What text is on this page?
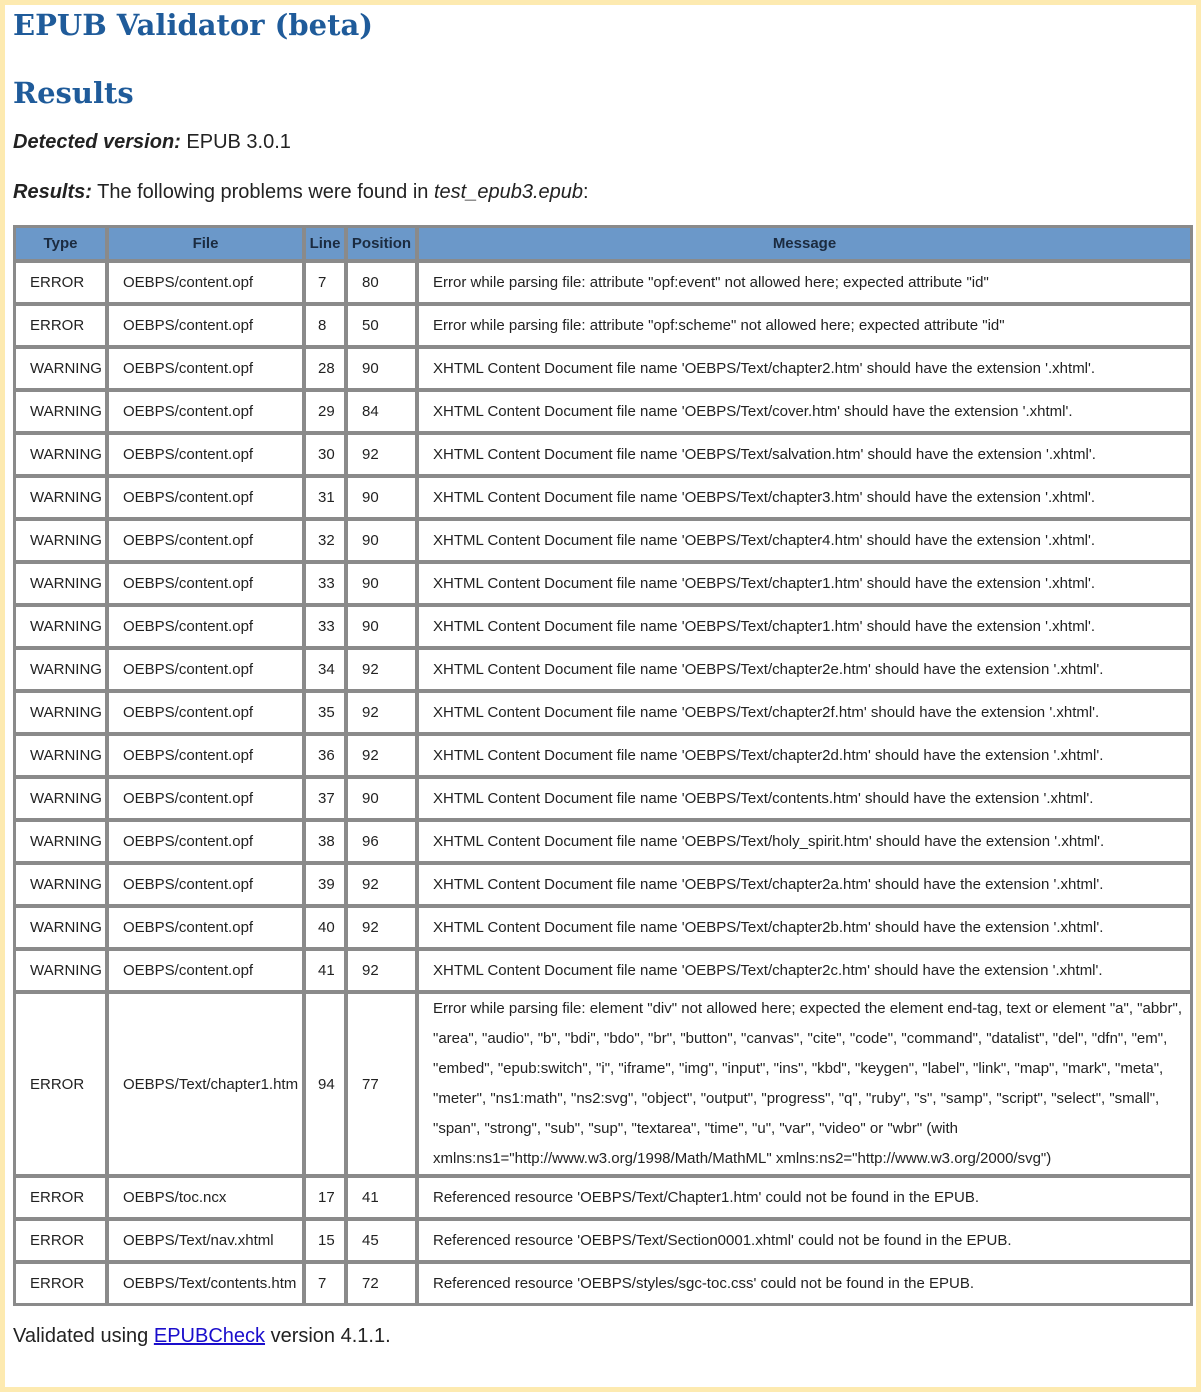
EPUB Validator (beta)
Results
Detected version: EPUB 3.0.1
Results: The following problems were found in test_epub3.epub:
Type	File	Line	Position	Message
ERROR	OEBPS/content.opf	7	80	Error while parsing file: attribute "opf:event" not allowed here; expected attribute "id"
ERROR	OEBPS/content.opf	8	50	Error while parsing file: attribute "opf:scheme" not allowed here; expected attribute "id"
WARNING	OEBPS/content.opf	28	90	XHTML Content Document file name 'OEBPS/Text/chapter2.htm' should have the extension '.xhtml'.
WARNING	OEBPS/content.opf	29	84	XHTML Content Document file name 'OEBPS/Text/cover.htm' should have the extension '.xhtml'.
WARNING	OEBPS/content.opf	30	92	XHTML Content Document file name 'OEBPS/Text/salvation.htm' should have the extension '.xhtml'.
WARNING	OEBPS/content.opf	31	90	XHTML Content Document file name 'OEBPS/Text/chapter3.htm' should have the extension '.xhtml'.
WARNING	OEBPS/content.opf	32	90	XHTML Content Document file name 'OEBPS/Text/chapter4.htm' should have the extension '.xhtml'.
WARNING	OEBPS/content.opf	33	90	XHTML Content Document file name 'OEBPS/Text/chapter1.htm' should have the extension '.xhtml'.
WARNING	OEBPS/content.opf	33	90	XHTML Content Document file name 'OEBPS/Text/chapter1.htm' should have the extension '.xhtml'.
WARNING	OEBPS/content.opf	34	92	XHTML Content Document file name 'OEBPS/Text/chapter2e.htm' should have the extension '.xhtml'.
WARNING	OEBPS/content.opf	35	92	XHTML Content Document file name 'OEBPS/Text/chapter2f.htm' should have the extension '.xhtml'.
WARNING	OEBPS/content.opf	36	92	XHTML Content Document file name 'OEBPS/Text/chapter2d.htm' should have the extension '.xhtml'.
WARNING	OEBPS/content.opf	37	90	XHTML Content Document file name 'OEBPS/Text/contents.htm' should have the extension '.xhtml'.
WARNING	OEBPS/content.opf	38	96	XHTML Content Document file name 'OEBPS/Text/holy_spirit.htm' should have the extension '.xhtml'.
WARNING	OEBPS/content.opf	39	92	XHTML Content Document file name 'OEBPS/Text/chapter2a.htm' should have the extension '.xhtml'.
WARNING	OEBPS/content.opf	40	92	XHTML Content Document file name 'OEBPS/Text/chapter2b.htm' should have the extension '.xhtml'.
WARNING	OEBPS/content.opf	41	92	XHTML Content Document file name 'OEBPS/Text/chapter2c.htm' should have the extension '.xhtml'.
ERROR	OEBPS/Text/chapter1.htm	94	77	Error while parsing file: element "div" not allowed here; expected the element end-tag, text or element "a", "abbr", "area", "audio", "b", "bdi", "bdo", "br", "button", "canvas", "cite", "code", "command", "datalist", "del", "dfn", "em", "embed", "epub:switch", "i", "iframe", "img", "input", "ins", "kbd", "keygen", "label", "link", "map", "mark", "meta", "meter", "ns1:math", "ns2:svg", "object", "output", "progress", "q", "ruby", "s", "samp", "script", "select", "small", "span", "strong", "sub", "sup", "textarea", "time", "u", "var", "video" or "wbr" (with xmlns:ns1="http://www.w3.org/1998/Math/MathML" xmlns:ns2="http://www.w3.org/2000/svg")
ERROR	OEBPS/toc.ncx	17	41	Referenced resource 'OEBPS/Text/Chapter1.htm' could not be found in the EPUB.
ERROR	OEBPS/Text/nav.xhtml	15	45	Referenced resource 'OEBPS/Text/Section0001.xhtml' could not be found in the EPUB.
ERROR	OEBPS/Text/contents.htm	7	72	Referenced resource 'OEBPS/styles/sgc-toc.css' could not be found in the EPUB.
Validated using EPUBCheck version 4.1.1.
